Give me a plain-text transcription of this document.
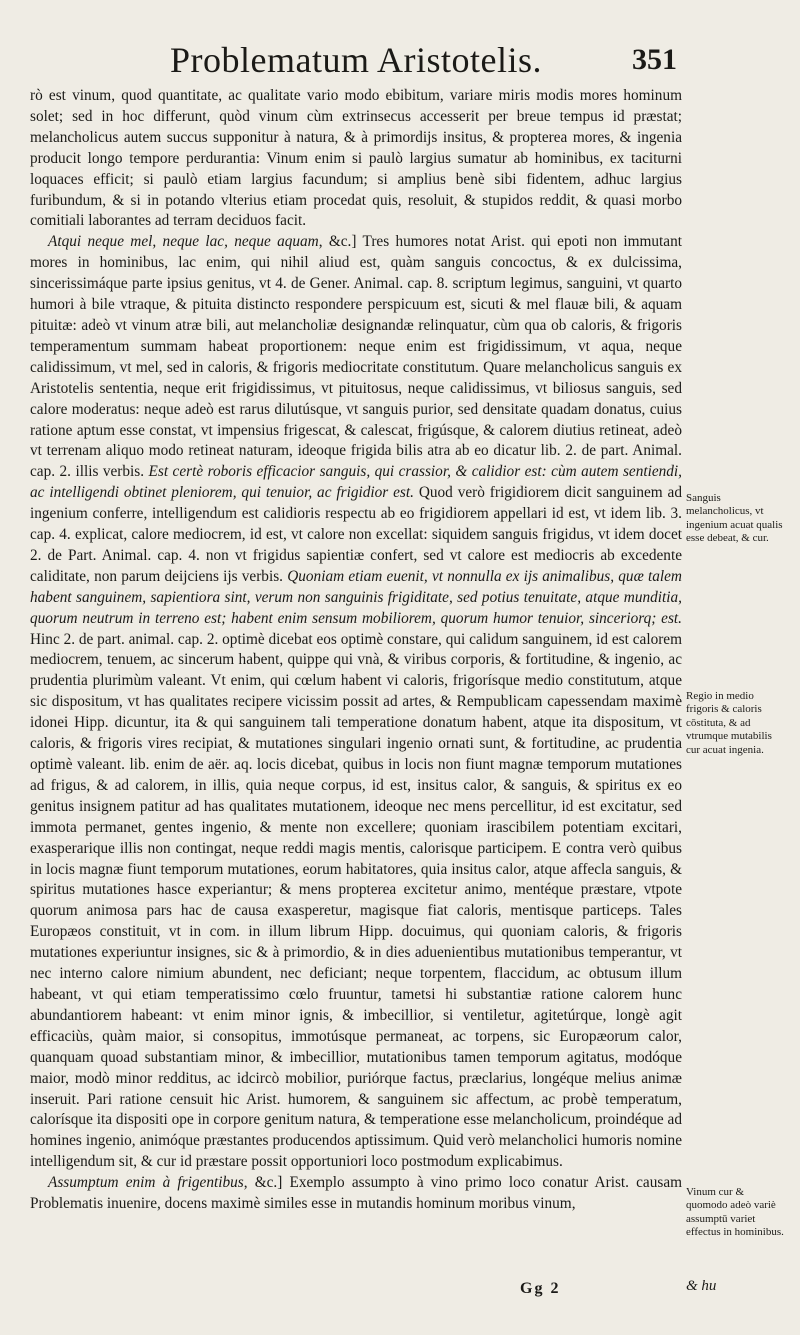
Problematum Aristotelis.	351

rò est vinum, quod quantitate, ac qualitate vario modo ebibitum, variare miris modis mores hominum solet; sed in hoc differunt, quòd vinum cùm extrinsecus accesserit per breue tempus id præstat; melancholicus autem succus supponitur à natura, & à primordijs insitus, & propterea mores, & ingenia producit longo tempore perdurantia: Vinum enim si paulò largius sumatur ab hominibus, ex taciturni loquaces efficit; si paulò etiam largius facundum; si amplius benè sibi fidentem, adhuc largius furibundum, & si in potando vlterius etiam procedat quis, resoluit, & stupidos reddit, & quasi morbo comitiali laborantes ad terram deciduos facit.

Atqui neque mel, neque lac, neque aquam, &c.] Tres humores notat Arist. qui epoti non immutant mores in hominibus, lac enim, qui nihil aliud est, quàm sanguis concoctus, & ex dulcissima, sincerissimáque parte ipsius genitus, vt 4. de Gener. Animal. cap. 8. scriptum legimus, sanguini, vt quarto humori à bile vtraque, & pituita distincto respondere perspicuum est, sicuti & mel flauæ bili, & aquam pituitæ: adeò vt vinum atræ bili, aut melancholiæ designandæ relinquatur, cùm qua ob caloris, & frigoris temperamentum summam habeat proportionem: neque enim est frigidissimum, vt aqua, neque calidissimum, vt mel, sed in caloris, & frigoris mediocritate constitutum. Quare melancholicus sanguis ex Aristotelis sententia, neque erit frigidissimus, vt pituitosus, neque calidissimus, vt biliosus sanguis, sed calore moderatus: neque adeò est rarus dilutúsque, vt sanguis purior, sed densitate quadam donatus, cuius ratione aptum esse constat, vt impensius frigescat, & calescat, frigúsque, & calorem diutius retineat, adeò vt terrenam aliquo modo retineat naturam, ideoque frigida bilis atra ab eo dicatur lib. 2. de part. Animal. cap. 2. illis verbis. Est certè roboris efficacior sanguis, qui crassior, & calidior est: cùm autem sentiendi, ac intelligendi obtinet pleniorem, qui tenuior, ac frigidior est. Quod verò frigidiorem dicit sanguinem ad ingenium conferre, intelligendum est calidioris respectu ab eo frigidiorem appellari id est, vt idem lib. 3. cap. 4. explicat, calore mediocrem, id est, vt calore non excellat: siquidem sanguis frigidus, vt idem docet 2. de Part. Animal. cap. 4. non vt frigidus sapientiæ confert, sed vt calore est mediocris ab excedente caliditate, non parum deijciens ijs verbis. Quoniam etiam euenit, vt nonnulla ex ijs animalibus, quæ talem habent sanguinem, sapientiora sint, verum non sanguinis frigiditate, sed potius tenuitate, atque munditia, quorum neutrum in terreno est; habent enim sensum mobiliorem, quorum humor tenuior, sinceriorq; est. Hinc 2. de part. animal. cap. 2. optimè dicebat eos optimè constare, qui calidum sanguinem, id est calorem mediocrem, tenuem, ac sincerum habent, quippe qui vnà, & viribus corporis, & fortitudine, & ingenio, ac prudentia plurimùm valeant. Vt enim, qui cœlum habent vi caloris, frigorísque medio constitutum, atque sic dispositum, vt has qualitates recipere vicissim possit ad artes, & Rempublicam capessendam maximè idonei Hipp. dicuntur, ita & qui sanguinem tali temperatione donatum habent, atque ita dispositum, vt caloris, & frigoris vires recipiat, & mutationes singulari ingenio ornati sunt, & fortitudine, ac prudentia optimè valeant. lib. enim de aër. aq. locis dicebat, quibus in locis non fiunt magnæ temporum mutationes ad frigus, & ad calorem, in illis, quia neque corpus, id est, insitus calor, & sanguis, & spiritus ex eo genitus insignem patitur ad has qualitates mutationem, ideoque nec mens percellitur, id est excitatur, sed immota permanet, gentes ingenio, & mente non excellere; quoniam irascibilem potentiam excitari, exasperarique illis non contingat, neque reddi magis mentis, calorisque participem. E contra verò quibus in locis magnæ fiunt temporum mutationes, eorum habitatores, quia insitus calor, atque affecla sanguis, & spiritus mutationes hasce experiantur; & mens propterea excitetur animo, mentéque præstare, vtpote quorum animosa pars hac de causa exasperetur, magisque fiat caloris, mentisque particeps. Tales Europæos constituit, vt in com. in illum librum Hipp. docuimus, qui quoniam caloris, & frigoris mutationes experiuntur insignes, sic & à primordio, & in dies aduenientibus mutationibus temperantur, vt nec interno calore nimium abundent, nec deficiant; neque torpentem, flaccidum, ac obtusum illum habeant, vt qui etiam temperatissimo cœlo fruuntur, tametsi hi substantiæ ratione calorem hunc abundantiorem habeant: vt enim minor ignis, & imbecillior, si ventiletur, agitetúrque, longè agit efficaciùs, quàm maior, si consopitus, immotúsque permaneat, ac torpens, sic Europæorum calor, quanquam quoad substantiam minor, & imbecillior, mutationibus tamen temporum agitatus, modóque maior, modò minor redditus, ac idcircò mobilior, puriórque factus, præclarius, longéque melius animæ inseruit. Pari ratione censuit hic Arist. humorem, & sanguinem sic affectum, ac probè temperatum, calorísque ita dispositi ope in corpore genitum natura, & temperatione esse melancholicum, proindéque ad homines ingenio, animóque præstantes producendos aptissimum. Quid verò melancholici humoris nomine intelligendum sit, & cur id præstare possit opportuniori loco postmodum explicabimus.

Assumptum enim à frigentibus, &c.] Exemplo assumpto à vino primo loco conatur Arist. causam Problematis inuenire, docens maximè similes esse in mutandis hominum moribus vinum,

Sanguis melancholicus, vt ingenium acuat qualis esse debeat, & cur.
Regio in medio frigoris & caloris cōstituta, & ad vtrumque mutabilis cur acuat ingenia.
Vinum cur & quomodo adeò variè assumptū variet effectus in hominibus.
Gg 2	& hu
